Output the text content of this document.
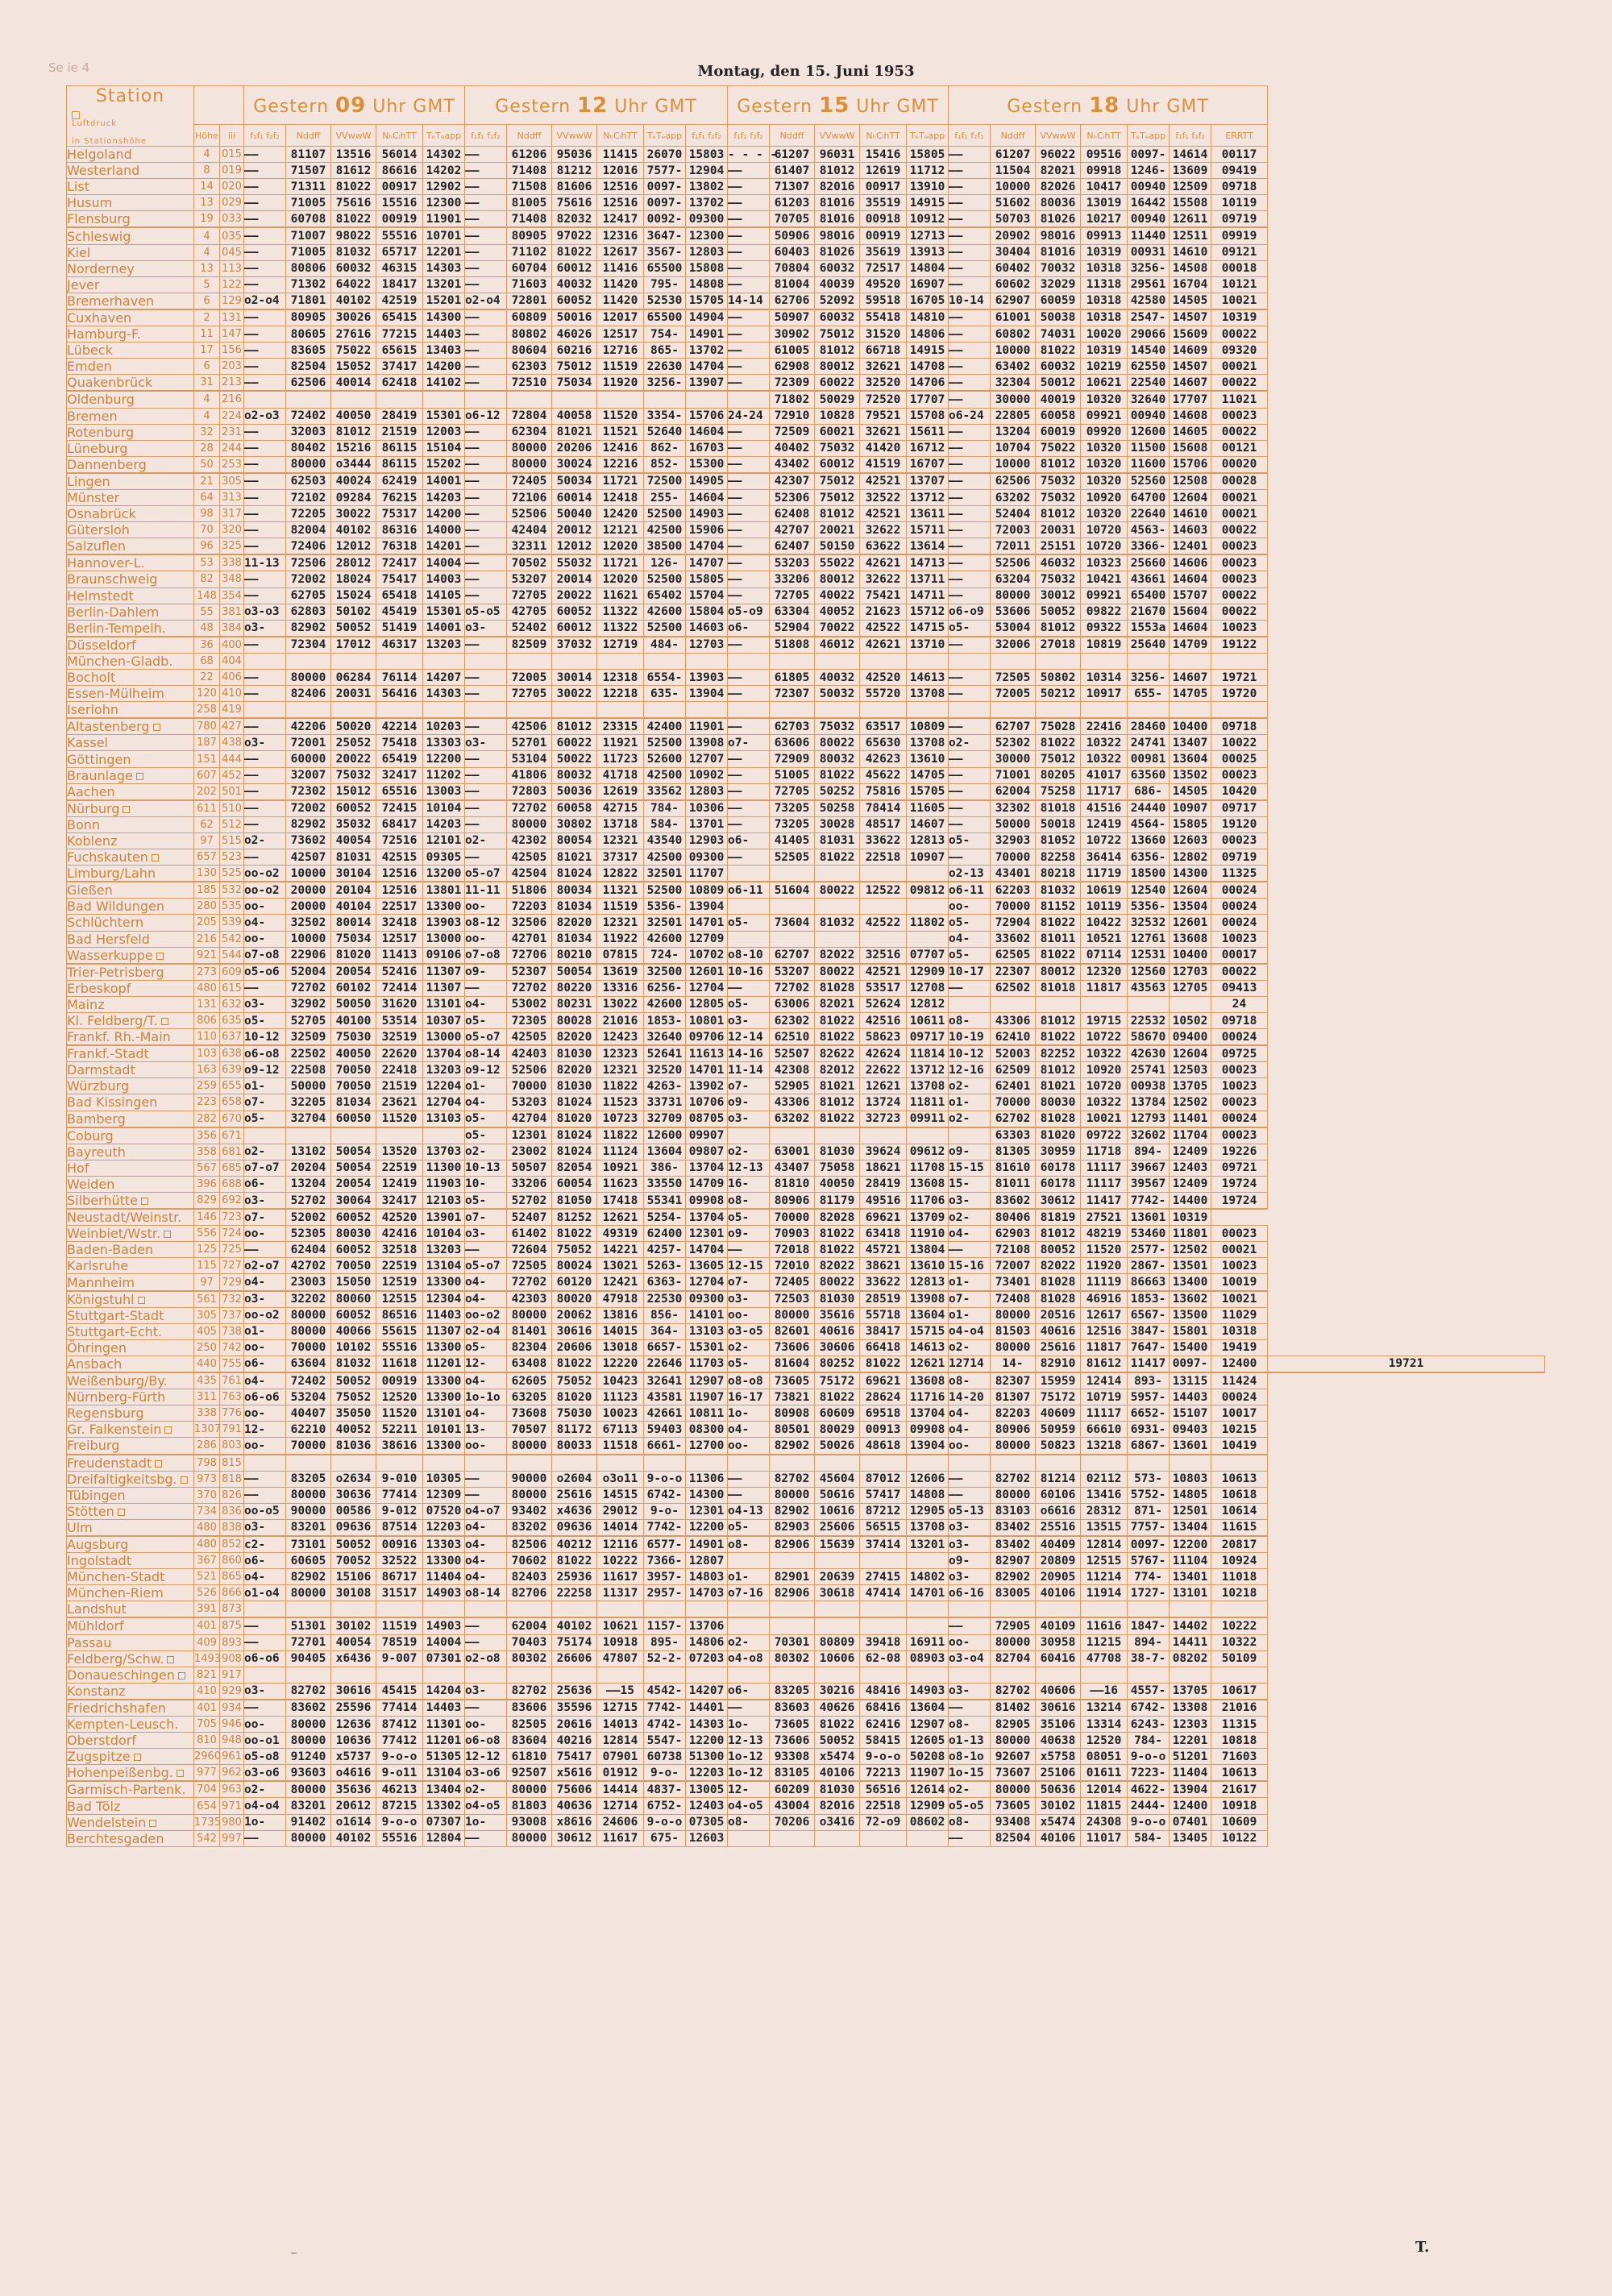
Se ie 4	Montag, den 15. Juni 1953
Station
Luftdruck

in Stationshöhe			Gestern 09 Uhr GMT					Gestern 12 Uhr GMT						Gestern 15 Uhr GMT					Gestern 18 Uhr GMT							
	Höhe	iii	f₁f₁ f₂f₂	Nddff	VVwwW	NₕCₗhTT	TₑTₑapp	f₁f₁ f₂f₂	Nddff	VVwwW	NₕCₗhTT	TₑTₑapp	f₁f₁ f₂f₂	f₁f₁ f₂f₂	Nddff	VVwwW	NₕCₗhTT	TₑTₑapp	f₁f₁ f₂f₂	Nddff	VVwwW	NₕCₗhTT	TₑTₑapp	f₁f₁ f₂f₂	ERRTT	
Helgoland	4	015	——	81107	13516	56014	14302	——	61206	95036	11415	26070	15803	- - - -	61207	96031	15416	15805	——	61207	96022	09516	0097-	14614	00117	
Westerland	8	019	——	71507	81612	86616	14202	——	71408	81212	12016	7577-	12904	——	61407	81012	12619	11712	——	11504	82021	09918	1246-	13609	09419	
List	14	020	——	71311	81022	00917	12902	——	71508	81606	12516	0097-	13802	——	71307	82016	00917	13910	——	10000	82026	10417	00940	12509	09718	
Husum	13	029	——	71005	75616	15516	12300	——	81005	75616	12516	0097-	13702	——	61203	81016	35519	14915	——	51602	80036	13019	16442	15508	10119	
Flensburg	19	033	——	60708	81022	00919	11901	——	71408	82032	12417	0092-	09300	——	70705	81016	00918	10912	——	50703	81026	10217	00940	12611	09719	
Schleswig	4	035	——	71007	98022	55516	10701	——	80905	97022	12316	3647-	12300	——	50906	98016	00919	12713	——	20902	98016	09913	11440	12511	09919	
Kiel	4	045	——	71005	81032	65717	12201	——	71102	81022	12617	3567-	12803	——	60403	81026	35619	13913	——	30404	81016	10319	00931	14610	09121	
Norderney	13	113	——	80806	60032	46315	14303	——	60704	60012	11416	65500	15808	——	70804	60032	72517	14804	——	60402	70032	10318	3256-	14508	00018	
Jever	5	122	——	71302	64022	18417	13201	——	71603	40032	11420	795-	14808	——	81004	40039	49520	16907	——	60602	32029	11318	29561	16704	10121	
Bremerhaven	6	129	o2-o4	71801	40102	42519	15201	o2-o4	72801	60052	11420	52530	15705	14-14	62706	52092	59518	16705	10-14	62907	60059	10318	42580	14505	10021	
Cuxhaven	2	131	——	80905	30026	65415	14300	——	60809	50016	12017	65500	14904	——	50907	60032	55418	14810	——	61001	50038	10318	2547-	14507	10319	
Hamburg-F.	11	147	——	80605	27616	77215	14403	——	80802	46026	12517	754-	14901	——	30902	75012	31520	14806	——	60802	74031	10020	29066	15609	00022	
Lübeck	17	156	——	83605	75022	65615	13403	——	80604	60216	12716	865-	13702	——	61005	81012	66718	14915	——	10000	81022	10319	14540	14609	09320	
Emden	6	203	——	82504	15052	37417	14200	——	62303	75012	11519	22630	14704	——	62908	80012	32621	14708	——	63402	60032	10219	62550	14507	00021	
Quakenbrück	31	213	——	62506	40014	62418	14102	——	72510	75034	11920	3256-	13907	——	72309	60022	32520	14706	——	32304	50012	10621	22540	14607	00022	
Oldenburg	4	216													71802	50029	72520	17707	——	30000	40019	10320	32640	17707	11021	
Bremen	4	224	o2-o3	72402	40050	28419	15301	o6-12	72804	40058	11520	3354-	15706	24-24	72910	10828	79521	15708	o6-24	22805	60058	09921	00940	14608	00023	
Rotenburg	32	231	——	32003	81012	21519	12003	——	62304	81021	11521	52640	14604	——	72509	60021	32621	15611	——	13204	60019	09920	12600	14605	00022	
Lüneburg	28	244	——	80402	15216	86115	15104	——	80000	20206	12416	862-	16703	——	40402	75032	41420	16712	——	10704	75022	10320	11500	15608	00121	
Dannenberg	50	253	——	80000	o3444	86115	15202	——	80000	30024	12216	852-	15300	——	43402	60012	41519	16707	——	10000	81012	10320	11600	15706	00020	
Lingen	21	305	——	62503	40024	62419	14001	——	72405	50034	11721	72500	14905	——	42307	75012	42521	13707	——	62506	75032	10320	52560	12508	00028	
Münster	64	313	——	72102	09284	76215	14203	——	72106	60014	12418	255-	14604	——	52306	75012	32522	13712	——	63202	75032	10920	64700	12604	00021	
Osnabrück	98	317	——	72205	30022	75317	14200	——	52506	50040	12420	52500	14903	——	62408	81012	42521	13611	——	52404	81012	10320	22640	14610	00021	
Gütersloh	70	320	——	82004	40102	86316	14000	——	42404	20012	12121	42500	15906	——	42707	20021	32622	15711	——	72003	20031	10720	4563-	14603	00022	
Salzuflen	96	325	——	72406	12012	76318	14201	——	32311	12012	12020	38500	14704	——	62407	50150	63622	13614	——	72011	25151	10720	3366-	12401	00023	
Hannover-L.	53	338	11-13	72506	28012	72417	14004	——	70502	55032	11721	126-	14707	——	53203	55022	42621	14713	——	52506	46032	10323	25660	14606	00023	
Braunschweig	82	348	——	72002	18024	75417	14003	——	53207	20014	12020	52500	15805	——	33206	80012	32622	13711	——	63204	75032	10421	43661	14604	00023	
Helmstedt	148	354	——	62705	15024	65418	14105	——	72705	20022	11621	65402	15704	——	72705	40022	75421	14711	——	80000	30012	09921	65400	15707	00022	
Berlin-Dahlem	55	381	o3-o3	62803	50102	45419	15301	o5-o5	42705	60052	11322	42600	15804	o5-o9	63304	40052	21623	15712	o6-o9	53606	50052	09822	21670	15604	00022	
Berlin-Tempelh.	48	384	o3-	82902	50052	51419	14001	o3-	52402	60012	11322	52500	14603	o6-	52904	70022	42522	14715	o5-	53004	81012	09322	1553a	14604	10023	
Düsseldorf	36	400	——	72304	17012	46317	13203	——	82509	37032	12719	484-	12703	——	51808	46012	42621	13710	——	32006	27018	10819	25640	14709	19122	
München-Gladb.	68	404																								
Bocholt	22	406	——	80000	06284	76114	14207	——	72005	30014	12318	6554-	13903	——	61805	40032	42520	14613	——	72505	50802	10314	3256-	14607	19721	
Essen-Mülheim	120	410	——	82406	20031	56416	14303	——	72705	30022	12218	635-	13904	——	72307	50032	55720	13708	——	72005	50212	10917	655-	14705	19720	
Iserlohn	258	419																								
Altastenberg	780	427	——	42206	50020	42214	10203	——	42506	81012	23315	42400	11901	——	62703	75032	63517	10809	——	62707	75028	22416	28460	10400	09718	
Kassel	187	438	o3-	72001	25052	75418	13303	o3-	52701	60022	11921	52500	13908	o7-	63606	80022	65630	13708	o2-	52302	81022	10322	24741	13407	10022	
Göttingen	151	444	——	60000	20022	65419	12200	——	53104	50022	11723	52600	12707	——	72909	80032	42623	13610	——	30000	75012	10322	00981	13604	00025	
Braunlage	607	452	——	32007	75032	32417	11202	——	41806	80032	41718	42500	10902	——	51005	81022	45622	14705	——	71001	80205	41017	63560	13502	00023	
Aachen	202	501	——	72302	15012	65516	13003	——	72803	50036	12619	33562	12803	——	72705	50252	75816	15705	——	62004	75258	11717	686-	14505	10420	
Nürburg	611	510	——	72002	60052	72415	10104	——	72702	60058	42715	784-	10306	——	73205	50258	78414	11605	——	32302	81018	41516	24440	10907	09717	
Bonn	62	512	——	82902	35032	68417	14203	——	80000	30802	13718	584-	13701	——	73205	30028	48517	14607	——	50000	50018	12419	4564-	15805	19120	
Koblenz	97	515	o2-	73602	40054	72516	12101	o2-	42302	80054	12321	43540	12903	o6-	41405	81031	33622	12813	o5-	32903	81052	10722	13660	12603	00023	
Fuchskauten	657	523	——	42507	81031	42515	09305	——	42505	81021	37317	42500	09300	——	52505	81022	22518	10907	——	70000	82258	36414	6356-	12802	09719	
Limburg/Lahn	130	525	oo-o2	10000	30104	12516	13200	o5-o7	42504	81024	12822	32501	11707						o2-13	43401	80218	11719	18500	14300	11325	
Gießen	185	532	oo-o2	20000	20104	12516	13801	11-11	51806	80034	11321	52500	10809	o6-11	51604	80022	12522	09812	o6-11	62203	81032	10619	12540	12604	00024	
Bad Wildungen	280	535	oo-	20000	40104	22517	13300	oo-	72203	81034	11519	5356-	13904						oo-	70000	81152	10119	5356-	13504	00024	
Schlüchtern	205	539	o4-	32502	80014	32418	13903	o8-12	32506	82020	12321	32501	14701	o5-	73604	81032	42522	11802	o5-	72904	81022	10422	32532	12601	00024	
Bad Hersfeld	216	542	oo-	10000	75034	12517	13000	oo-	42701	81034	11922	42600	12709						o4-	33602	81011	10521	12761	13608	10023	
Wasserkuppe	921	544	o7-o8	22906	81020	11413	09106	o7-o8	72706	80210	07815	724-	10702	o8-10	62707	82022	32516	07707	o5-	62505	81022	07114	12531	10400	00017	
Trier-Petrisberg	273	609	o5-o6	52004	20054	52416	11307	o9-	52307	50054	13619	32500	12601	10-16	53207	80022	42521	12909	10-17	22307	80012	12320	12560	12703	00022	
Erbeskopf	480	615	——	72702	60102	72414	11307	——	72702	80220	13316	6256-	12704	——	72702	81028	53517	12708	——	62502	81018	11817	43563	12705	09413	
Mainz	131	632	o3-	32902	50050	31620	13101	o4-	53002	80231	13022	42600	12805	o5-	63006	82021	52624	12812							24	
Kl. Feldberg/T.	806	635	o5-	52705	40100	53514	10307	o5-	72305	80028	21016	1853-	10801	o3-	62302	81022	42516	10611	o8-	43306	81012	19715	22532	10502	09718	
Frankf. Rh.-Main	110	637	10-12	32509	75030	32519	13000	o5-o7	42505	82020	12423	32640	09706	12-14	62510	81022	58623	09717	10-19	62410	81022	10722	58670	09400	00024	
Frankf.-Stadt	103	638	o6-o8	22502	40050	22620	13704	o8-14	42403	81030	12323	52641	11613	14-16	52507	82622	42624	11814	10-12	52003	82252	10322	42630	12604	09725	
Darmstadt	163	639	o9-12	22508	70050	22418	13203	o9-12	52506	82020	12321	32520	14701	11-14	42308	82012	22622	13712	12-16	62509	81012	10920	25741	12503	00023	
Würzburg	259	655	o1-	50000	70050	21519	12204	o1-	70000	81030	11822	4263-	13902	o7-	52905	81021	12621	13708	o2-	62401	81021	10720	00938	13705	10023	
Bad Kissingen	223	658	o7-	32205	81034	23621	12704	o4-	53203	81024	11523	33731	10706	o9-	43306	81012	13724	11811	o1-	70000	80030	10322	13784	12502	00023	
Bamberg	282	670	o5-	32704	60050	11520	13103	o5-	42704	81020	10723	32709	08705	o3-	63202	81022	32723	09911	o2-	62702	81028	10021	12793	11401	00024	
Coburg	356	671						o5-	12301	81024	11822	12600	09907							63303	81020	09722	32602	11704	00023	
Bayreuth	358	681	o2-	13102	50054	13520	13703	o2-	23002	81024	11124	13604	09807	o2-	63001	81030	39624	09612	o9-	81305	30959	11718	894-	12409	19226	
Hof	567	685	o7-o7	20204	50054	22519	11300	10-13	50507	82054	10921	386-	13704	12-13	43407	75058	18621	11708	15-15	81610	60178	11117	39667	12403	09721	
Weiden	396	688	o6-	13204	20054	12419	11903	10-	33206	60054	11623	33550	14709	16-	81810	40050	28419	13608	15-	81011	60178	11117	39567	12409	19724	
Silberhütte	829	692	o3-	52702	30064	32417	12103	o5-	52702	81050	17418	55341	09908	o8-	80906	81179	49516	11706	o3-	83602	30612	11417	7742-	14400	19724	
Neustadt/Weinstr.	146	723	o7-	52002	60052	42520	13901	o7-	52407	81252	12621	5254-	13704	o5-	70000	82028	69621	13709	o2-	80406	81819	27521	13601	10319		
Weinbiet/Wstr.	556	724	oo-	52305	80030	42416	10104	o3-	61402	81022	49319	62400	12301	o9-	70903	81022	63418	11910	o4-	62903	81012	48219	53460	11801	00023	
Baden-Baden	125	725	——	62404	60052	32518	13203	——	72604	75052	14221	4257-	14704	——	72018	81022	45721	13804	——	72108	80052	11520	2577-	12502	00021	
Karlsruhe	115	727	o2-o7	42702	70050	22519	13104	o5-o7	72505	80024	13021	5263-	13605	12-15	72010	82022	38621	13610	15-16	72007	82022	11920	2867-	13501	10023	
Mannheim	97	729	o4-	23003	15050	12519	13300	o4-	72702	60120	12421	6363-	12704	o7-	72405	80022	33622	12813	o1-	73401	81028	11119	86663	13400	10019	
Königstuhl	561	732	o3-	32202	80060	12515	12304	o4-	42303	80020	47918	22530	09300	o3-	72503	81030	28519	13908	o7-	72408	81028	46916	1853-	13602	10021	
Stuttgart-Stadt	305	737	oo-o2	80000	60052	86516	11403	oo-o2	80000	20062	13816	856-	14101	oo-	80000	35616	55718	13604	o1-	80000	20516	12617	6567-	13500	11029	
Stuttgart-Echt.	405	738	o1-	80000	40066	55615	11307	o2-o4	81401	30616	14015	364-	13103	o3-o5	82601	40616	38417	15715	o4-o4	81503	40616	12516	3847-	15801	10318	
Öhringen	250	742	oo-	70000	10102	55516	13300	o5-	82304	20606	13018	6657-	15301	o2-	73606	30606	66418	14613	o2-	80000	25616	11817	7647-	15400	19419	
Ansbach	440	755	o6-	63604	81032	11618	11201	12-	63408	81022	12220	22646	11703	o5-	81604	80252	81022	12621	12714	14-	82910	81612	11417	0097-	12400	19721
Weißenburg/By.	435	761	o4-	72402	50052	00919	13300	o4-	62605	75052	10423	32641	12907	o8-o8	73605	75172	69621	13608	o8-	82307	15959	12414	893-	13115	11424	
Nürnberg-Fürth	311	763	o6-o6	53204	75052	12520	13300	1o-1o	63205	81020	11123	43581	11907	16-17	73821	81022	28624	11716	14-20	81307	75172	10719	5957-	14403	00024	
Regensburg	338	776	oo-	40407	35050	11520	13101	o4-	73608	75030	10023	42661	10811	1o-	80908	60609	69518	13704	o4-	82203	40609	11117	6652-	15107	10017	
Gr. Falkenstein	1307	791	12-	62210	40052	52211	10101	13-	70507	81172	67113	59403	08300	o4-	80501	80029	00913	09908	o4-	80906	50959	66610	6931-	09403	10215	
Freiburg	286	803	oo-	70000	81036	38616	13300	oo-	80000	80033	11518	6661-	12700	oo-	82902	50026	48618	13904	oo-	80000	50823	13218	6867-	13601	10419	
Freudenstadt	798	815																								
Dreifaltigkeitsbg.	973	818	——	83205	o2634	9-010	10305	——	90000	o2604	o3o11	9-o-o	11306	——	82702	45604	87012	12606	——	82702	81214	02112	573-	10803	10613	
Tübingen	370	826	——	80000	30636	77414	12309	——	80000	25616	14515	6742-	14300	——	80000	50616	57417	14808	——	80000	60106	13416	5752-	14805	10618	
Stötten	734	836	oo-o5	90000	00586	9-012	07520	o4-o7	93402	x4636	29012	9-o-	12301	o4-13	82902	10616	87212	12905	o5-13	83103	o6616	28312	871-	12501	10614	
Ulm	480	838	o3-	83201	09636	87514	12203	o4-	83202	09636	14014	7742-	12200	o5-	82903	25606	56515	13708	o3-	83402	25516	13515	7757-	13404	11615	
Augsburg	480	852	c2-	73101	50052	00916	13303	o4-	82506	40212	12116	6577-	14901	o8-	82906	15639	37414	13201	o3-	83402	40409	12814	0097-	12200	20817	
Ingolstadt	367	860	o6-	60605	70052	32522	13300	o4-	70602	81022	10222	7366-	12807						o9-	82907	20809	12515	5767-	11104	10924	
München-Stadt	521	865	o4-	82902	15106	86717	11404	o4-	82403	25936	11617	3957-	14803	o1-	82901	20639	27415	14802	o3-	82902	20905	11214	774-	13401	11018	
München-Riem	526	866	o1-o4	80000	30108	31517	14903	o8-14	82706	22258	11317	2957-	14703	o7-16	82906	30618	47414	14701	o6-16	83005	40106	11914	1727-	13101	10218	
Landshut	391	873																								
Mühldorf	401	875	——	51301	30102	11519	14903	——	62004	40102	10621	1157-	13706						——	72905	40109	11616	1847-	14402	10222	
Passau	409	893	——	72701	40054	78519	14004	——	70403	75174	10918	895-	14806	o2-	70301	80809	39418	16911	oo-	80000	30958	11215	894-	14411	10322	
Feldberg/Schw.	1493	908	o6-o6	90405	x6436	9-007	07301	o2-o8	80302	26606	47807	52-2-	07203	o4-o8	80302	10606	62-08	08903	o3-o4	82704	60416	47708	38-7-	08202	50109	
Donaueschingen	821	917																								
Konstanz	410	929	o3-	82702	30616	45415	14204	o3-	82702	25636	——15	4542-	14207	o6-	83205	30216	48416	14903	o3-	82702	40606	——16	4557-	13705	10617	
Friedrichshafen	401	934	——	83602	25596	77414	14403	——	83606	35596	12715	7742-	14401	——	83603	40626	68416	13604	——	81402	30616	13214	6742-	13308	21016	
Kempten-Leusch.	705	946	oo-	80000	12636	87412	11301	oo-	82505	20616	14013	4742-	14303	1o-	73605	81022	62416	12907	o8-	82905	35106	13314	6243-	12303	11315	
Oberstdorf	810	948	oo-o1	80000	10636	77412	11201	o6-o8	83604	40216	12814	5547-	12200	12-13	73606	50052	58415	12605	o1-13	80000	40638	12520	784-	12201	10818	
Zugspitze	2960	961	o5-o8	91240	x5737	9-o-o	51305	12-12	61810	75417	07901	60738	51300	1o-12	93308	x5474	9-o-o	50208	o8-1o	92607	x5758	08051	9-o-o	51201	71603	
Hohenpeißenbg.	977	962	o3-o6	93603	o4616	9-o11	13104	o3-o6	92507	x5616	01912	9-o-	12203	1o-12	83105	40106	72213	11907	1o-15	73607	25106	01611	7223-	11404	10613	
Garmisch-Partenk.	704	963	o2-	80000	35636	46213	13404	o2-	80000	75606	14414	4837-	13005	12-	60209	81030	56516	12614	o2-	80000	50636	12014	4622-	13904	21617	
Bad Tölz	654	971	o4-o4	83201	20612	87215	13302	o4-o5	81803	40636	12714	6752-	12403	o4-o5	43004	82016	22518	12909	o5-o5	73605	30102	11815	2444-	12400	10918	
Wendelstein	1735	980	1o-	91402	o1614	9-o-o	07307	1o-	93008	x8616	24606	9-o-o	07305	o8-	70206	o3416	72-o9	08602	o8-	93408	x5474	24308	9-o-o	07401	10609	
Berchtesgaden	542	997	——	80000	40102	55516	12804	——	80000	30612	11617	675-	12603						——	82504	40106	11017	584-	13405	10122	
–	T.
